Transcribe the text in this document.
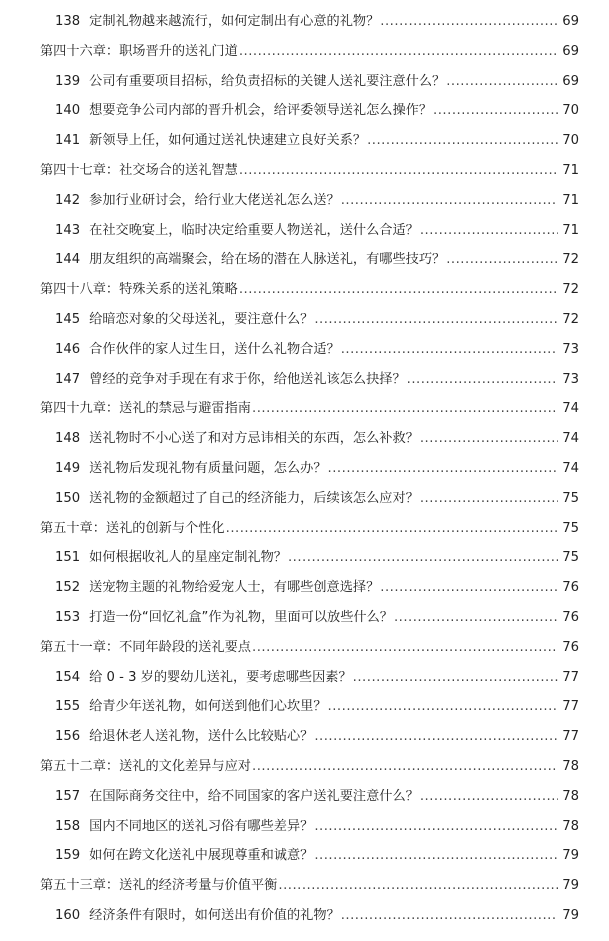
138 定制礼物越来越流行，如何定制出有心意的礼物？ .....	69
第四十六章：职场晋升的送礼门道 .....	69
139 公司有重要项目招标，给负责招标的关键人送礼要注意什么？ .....	69
140 想要竞争公司内部的晋升机会，给评委领导送礼怎么操作？ .....	70
141 新领导上任，如何通过送礼快速建立良好关系？ .....	70
第四十七章：社交场合的送礼智慧 .....	71
142 参加行业研讨会，给行业大佬送礼怎么送？ .....	71
143 在社交晚宴上，临时决定给重要人物送礼，送什么合适？ .....	71
144 朋友组织的高端聚会，给在场的潜在人脉送礼，有哪些技巧？ .....	72
第四十八章：特殊关系的送礼策略 .....	72
145 给暗恋对象的父母送礼，要注意什么？ .....	72
146 合作伙伴的家人过生日，送什么礼物合适？ .....	73
147 曾经的竞争对手现在有求于你，给他送礼该怎么抉择？ .....	73
第四十九章：送礼的禁忌与避雷指南 .....	74
148 送礼物时不小心送了和对方忌讳相关的东西，怎么补救？ .....	74
149 送礼物后发现礼物有质量问题，怎么办？ .....	74
150 送礼物的金额超过了自己的经济能力，后续该怎么应对？ .....	75
第五十章：送礼的创新与个性化 .....	75
151 如何根据收礼人的星座定制礼物？ .....	75
152 送宠物主题的礼物给爱宠人士，有哪些创意选择？ .....	76
153 打造一份“回忆礼盒”作为礼物，里面可以放些什么？ .....	76
第五十一章：不同年龄段的送礼要点 .....	76
154 给 0 - 3 岁的婴幼儿送礼，要考虑哪些因素？ .....	77
155 给青少年送礼物，如何送到他们心坎里？ .....	77
156 给退休老人送礼物，送什么比较贴心？ .....	77
第五十二章：送礼的文化差异与应对 .....	78
157 在国际商务交往中，给不同国家的客户送礼要注意什么？ .....	78
158 国内不同地区的送礼习俗有哪些差异？ .....	78
159 如何在跨文化送礼中展现尊重和诚意？ .....	79
第五十三章：送礼的经济考量与价值平衡 .....	79
160 经济条件有限时，如何送出有价值的礼物？ .....	79
